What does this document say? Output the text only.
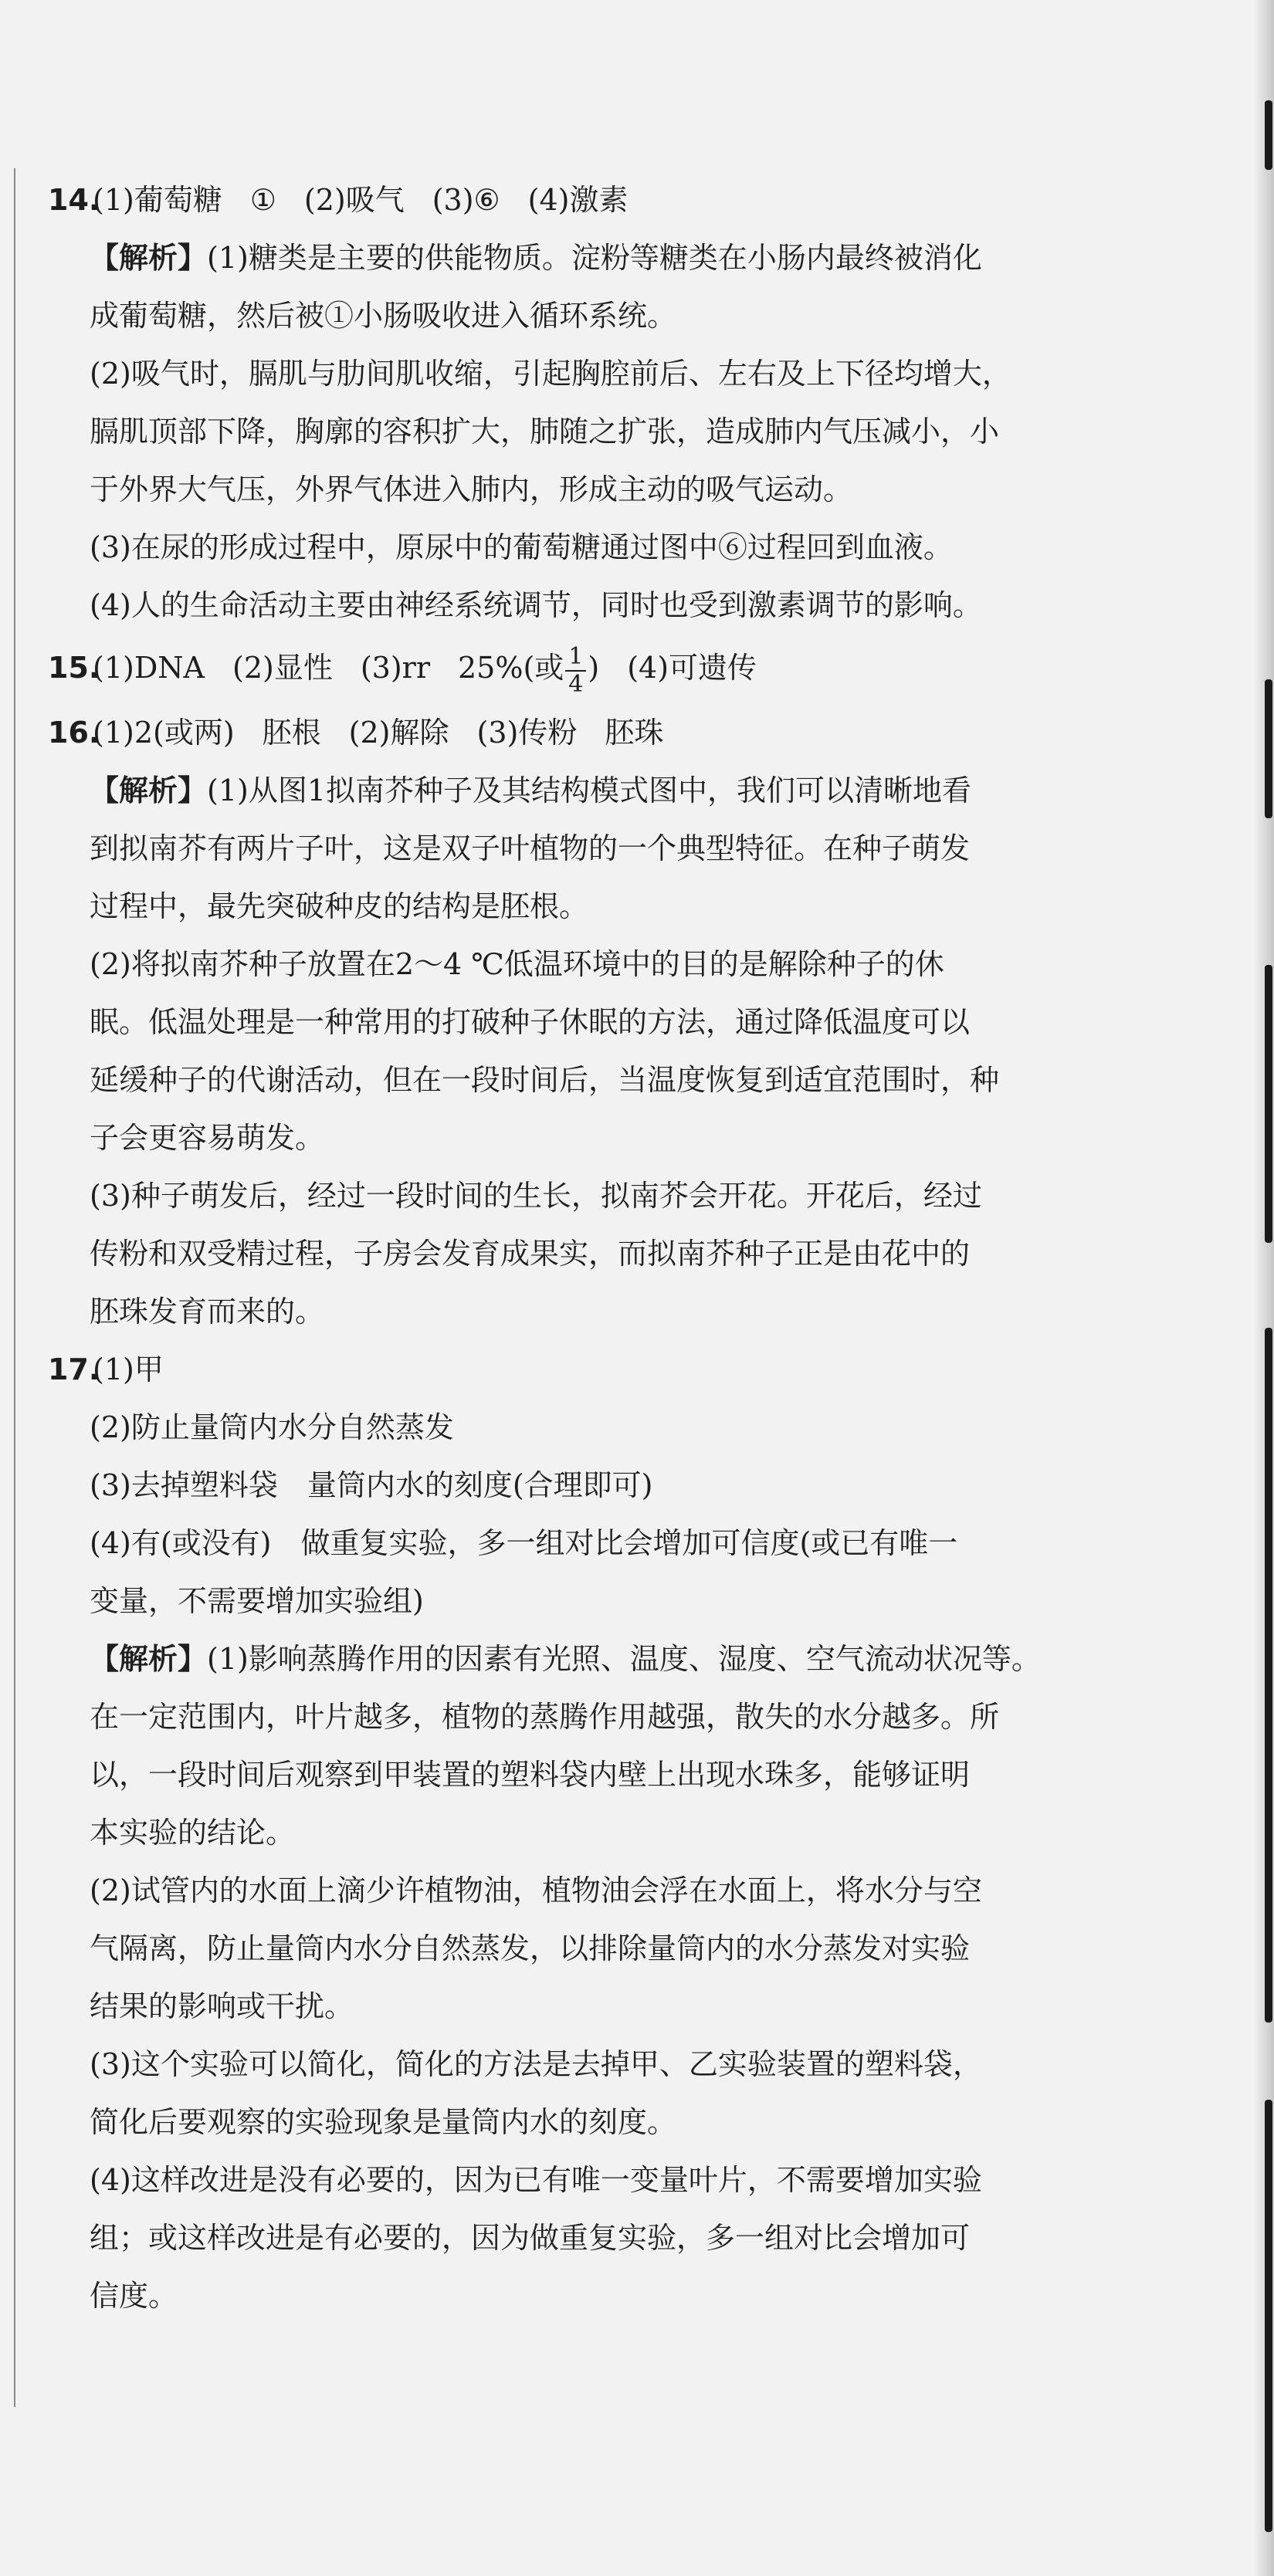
14.(1)葡萄糖 ① (2)吸气 (3)⑥ (4)激素
【解析】(1)糖类是主要的供能物质。淀粉等糖类在小肠内最终被消化
成葡萄糖，然后被①小肠吸收进入循环系统。
(2)吸气时，膈肌与肋间肌收缩，引起胸腔前后、左右及上下径均增大，
膈肌顶部下降，胸廓的容积扩大，肺随之扩张，造成肺内气压减小，小
于外界大气压，外界气体进入肺内，形成主动的吸气运动。
(3)在尿的形成过程中，原尿中的葡萄糖通过图中⑥过程回到血液。
(4)人的生命活动主要由神经系统调节，同时也受到激素调节的影响。
15.(1)DNA (2)显性 (3)rr 25%(或 $\frac{1}{4}$ ) (4)可遗传
16.(1)2(或两) 胚根 (2)解除 (3)传粉 胚珠
【解析】(1)从图1拟南芥种子及其结构模式图中，我们可以清晰地看
到拟南芥有两片子叶，这是双子叶植物的一个典型特征。在种子萌发
过程中，最先突破种皮的结构是胚根。
(2)将拟南芥种子放置在2～4 ℃低温环境中的目的是解除种子的休
眠。低温处理是一种常用的打破种子休眠的方法，通过降低温度可以
延缓种子的代谢活动，但在一段时间后，当温度恢复到适宜范围时，种
子会更容易萌发。
(3)种子萌发后，经过一段时间的生长，拟南芥会开花。开花后，经过
传粉和双受精过程，子房会发育成果实，而拟南芥种子正是由花中的
胚珠发育而来的。
17.(1)甲
(2)防止量筒内水分自然蒸发
(3)去掉塑料袋　量筒内水的刻度(合理即可)
(4)有(或没有)　做重复实验，多一组对比会增加可信度(或已有唯一
变量，不需要增加实验组)
【解析】(1)影响蒸腾作用的因素有光照、温度、湿度、空气流动状况等。
在一定范围内，叶片越多，植物的蒸腾作用越强，散失的水分越多。所
以，一段时间后观察到甲装置的塑料袋内壁上出现水珠多，能够证明
本实验的结论。
(2)试管内的水面上滴少许植物油，植物油会浮在水面上，将水分与空
气隔离，防止量筒内水分自然蒸发，以排除量筒内的水分蒸发对实验
结果的影响或干扰。
(3)这个实验可以简化，简化的方法是去掉甲、乙实验装置的塑料袋，
简化后要观察的实验现象是量筒内水的刻度。
(4)这样改进是没有必要的，因为已有唯一变量叶片，不需要增加实验
组；或这样改进是有必要的，因为做重复实验，多一组对比会增加可
信度。
